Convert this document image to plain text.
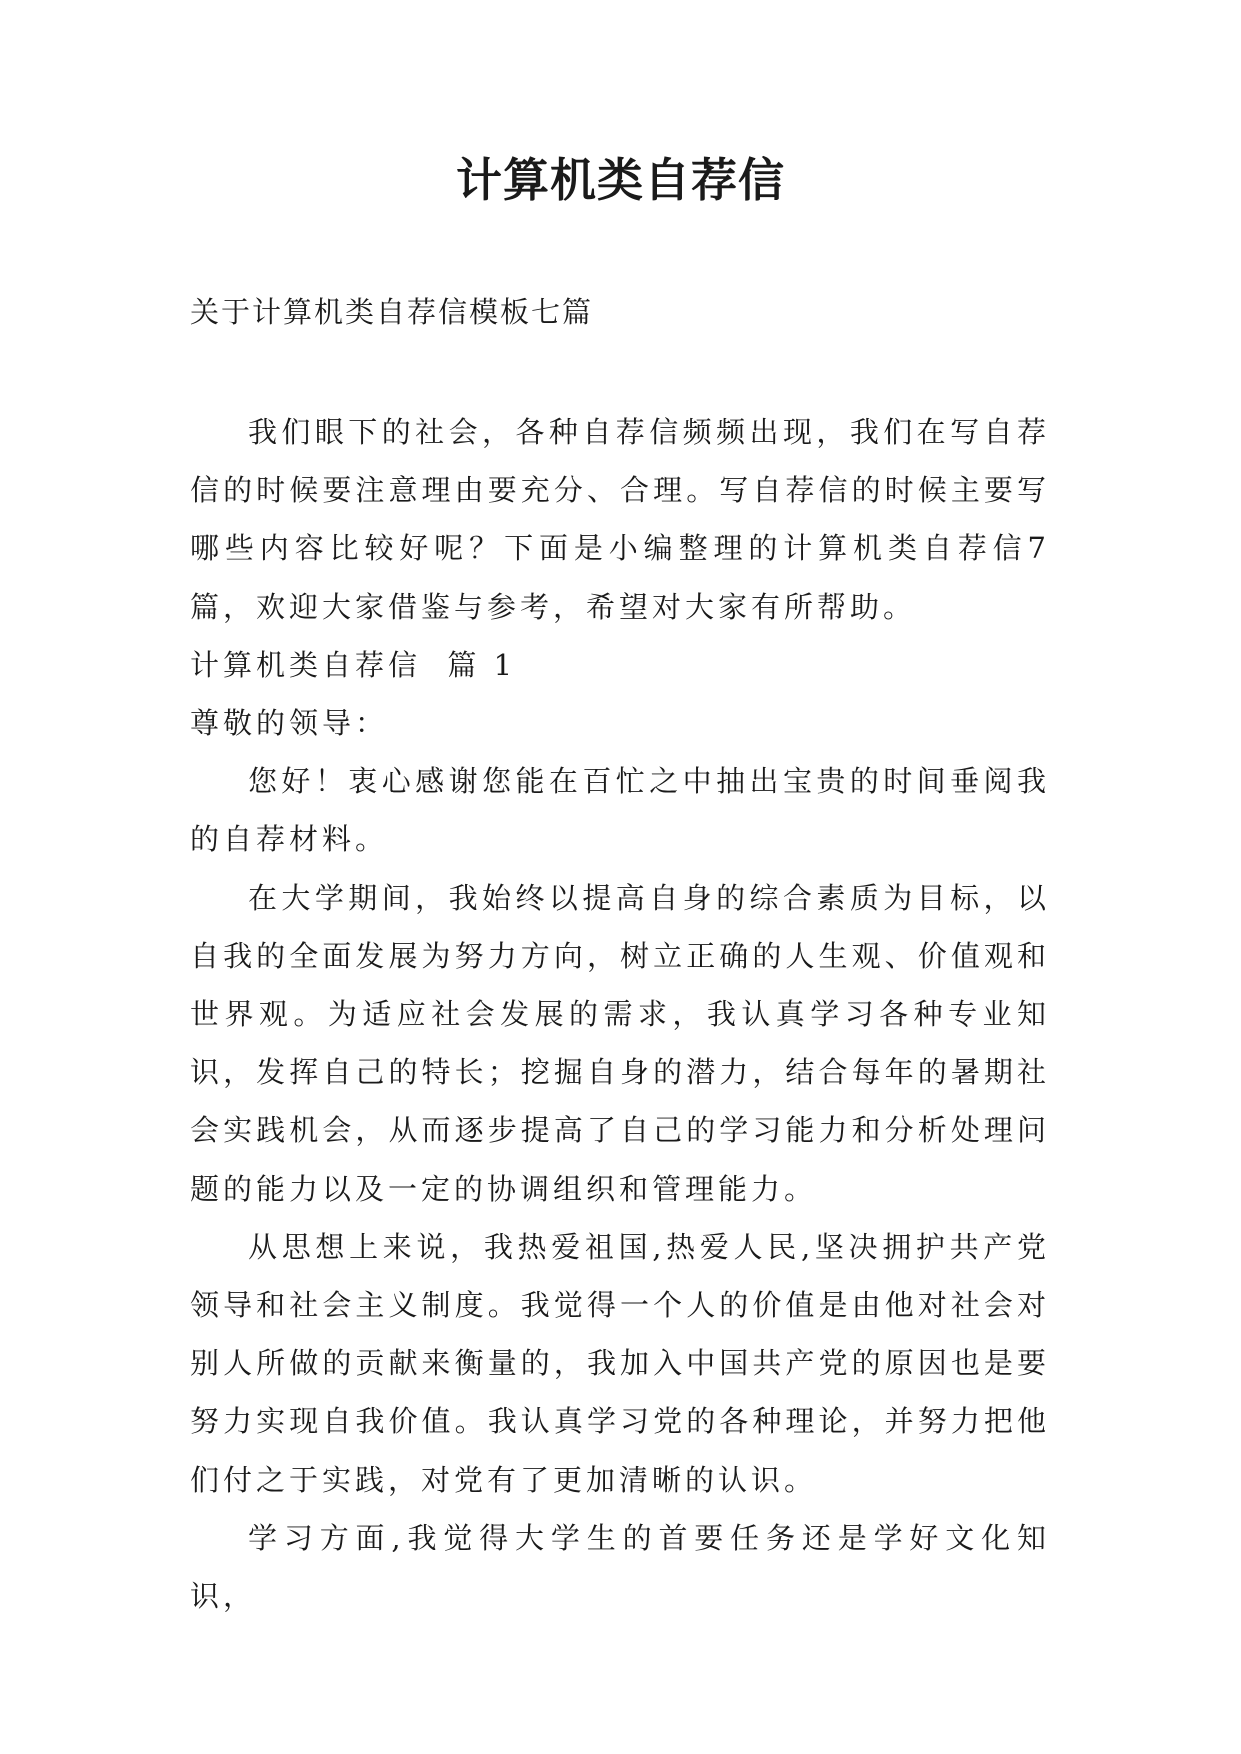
计算机类自荐信
关于计算机类自荐信模板七篇

我们眼下的社会，各种自荐信频频出现，我们在写自荐信的时候要注意理由要充分、合理。写自荐信的时候主要写哪些内容比较好呢？下面是小编整理的计算机类自荐信7篇，欢迎大家借鉴与参考，希望对大家有所帮助。

计算机类自荐信  篇 1

尊敬的领导：

您好！衷心感谢您能在百忙之中抽出宝贵的时间垂阅我的自荐材料。

在大学期间，我始终以提高自身的综合素质为目标，以自我的全面发展为努力方向，树立正确的人生观、价值观和世界观。为适应社会发展的需求，我认真学习各种专业知识，发挥自己的特长；挖掘自身的潜力，结合每年的暑期社会实践机会，从而逐步提高了自己的学习能力和分析处理问题的能力以及一定的协调组织和管理能力。

从思想上来说，我热爱祖国,热爱人民,坚决拥护共产党领导和社会主义制度。我觉得一个人的价值是由他对社会对别人所做的贡献来衡量的，我加入中国共产党的原因也是要努力实现自我价值。我认真学习党的各种理论，并努力把他们付之于实践，对党有了更加清晰的认识。

学习方面,我觉得大学生的首要任务还是学好文化知识，
